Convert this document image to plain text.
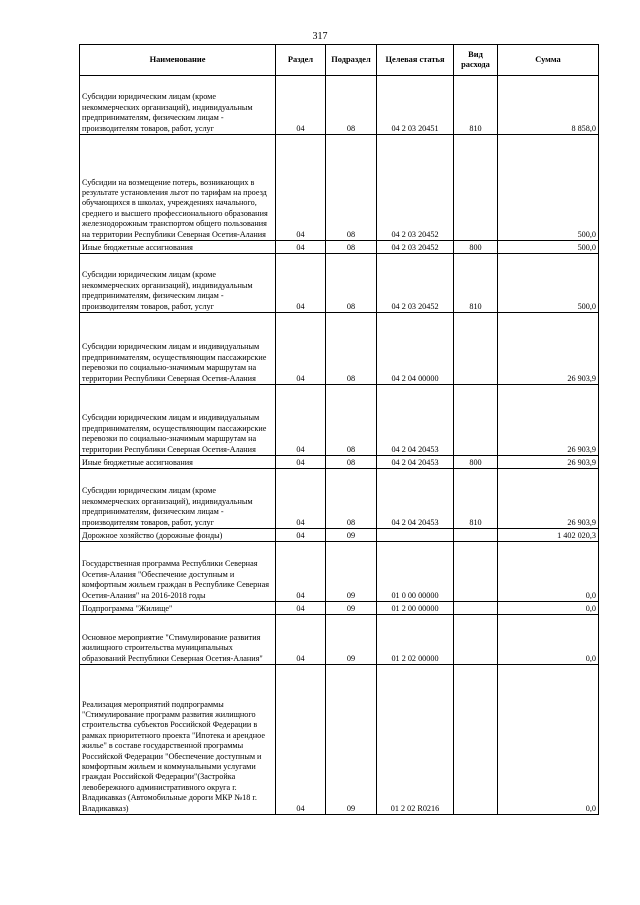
317
Наименование	Раздел	Подраздел	Целевая статья	Вид расхода	Сумма
Субсидии юридическим лицам (кроме некоммерческих организаций), индивидуальным предпринимателям, физическим лицам - производителям товаров, работ, услуг	04	08	04 2 03 20451	810	8 858,0
Субсидии на возмещение потерь, возникающих в результате установления льгот по тарифам на проезд обучающихся в школах, учреждениях начального, среднего и высшего профессионального образования железнодорожным транспортом общего пользования на территории Республики Северная Осетия-Алания	04	08	04 2 03 20452		500,0
Иные бюджетные ассигнования	04	08	04 2 03 20452	800	500,0
Субсидии юридическим лицам (кроме некоммерческих организаций), индивидуальным предпринимателям, физическим лицам - производителям товаров, работ, услуг	04	08	04 2 03 20452	810	500,0
Субсидии юридическим лицам и индивидуальным предпринимателям, осуществляющим пассажирские перевозки по социально-значимым маршрутам на территории Республики Северная Осетия-Алания	04	08	04 2 04 00000		26 903,9
Субсидии юридическим лицам и индивидуальным предпринимателям, осуществляющим пассажирские перевозки по социально-значимым маршрутам на территории Республики Северная Осетия-Алания	04	08	04 2 04 20453		26 903,9
Иные бюджетные ассигнования	04	08	04 2 04 20453	800	26 903,9
Субсидии юридическим лицам (кроме некоммерческих организаций), индивидуальным предпринимателям, физическим лицам - производителям товаров, работ, услуг	04	08	04 2 04 20453	810	26 903,9
Дорожное хозяйство (дорожные фонды)	04	09			1 402 020,3
Государственная программа Республики Северная Осетия-Алания "Обеспечение доступным и комфортным жильем граждан в Республике Северная Осетия-Алания" на 2016-2018 годы	04	09	01 0 00 00000		0,0
Подпрограмма "Жилище"	04	09	01 2 00 00000		0,0
Основное мероприятие "Стимулирование развития жилищного строительства муниципальных образований Республики Северная Осетия-Алания"	04	09	01 2 02 00000		0,0
Реализация мероприятий подпрограммы "Стимулирование программ развития жилищного строительства субъектов Российской Федерации в рамках приоритетного проекта "Ипотека и арендное жилье" в составе государственной программы Российской Федерации "Обеспечение доступным и комфортным жильем и коммунальными услугами граждан Российской Федерации"(Застройка левобережного административного округа г. Владикавказ (Автомобильные дороги МКР №18 г. Владикавказ)	04	09	01 2 02 R0216		0,0
